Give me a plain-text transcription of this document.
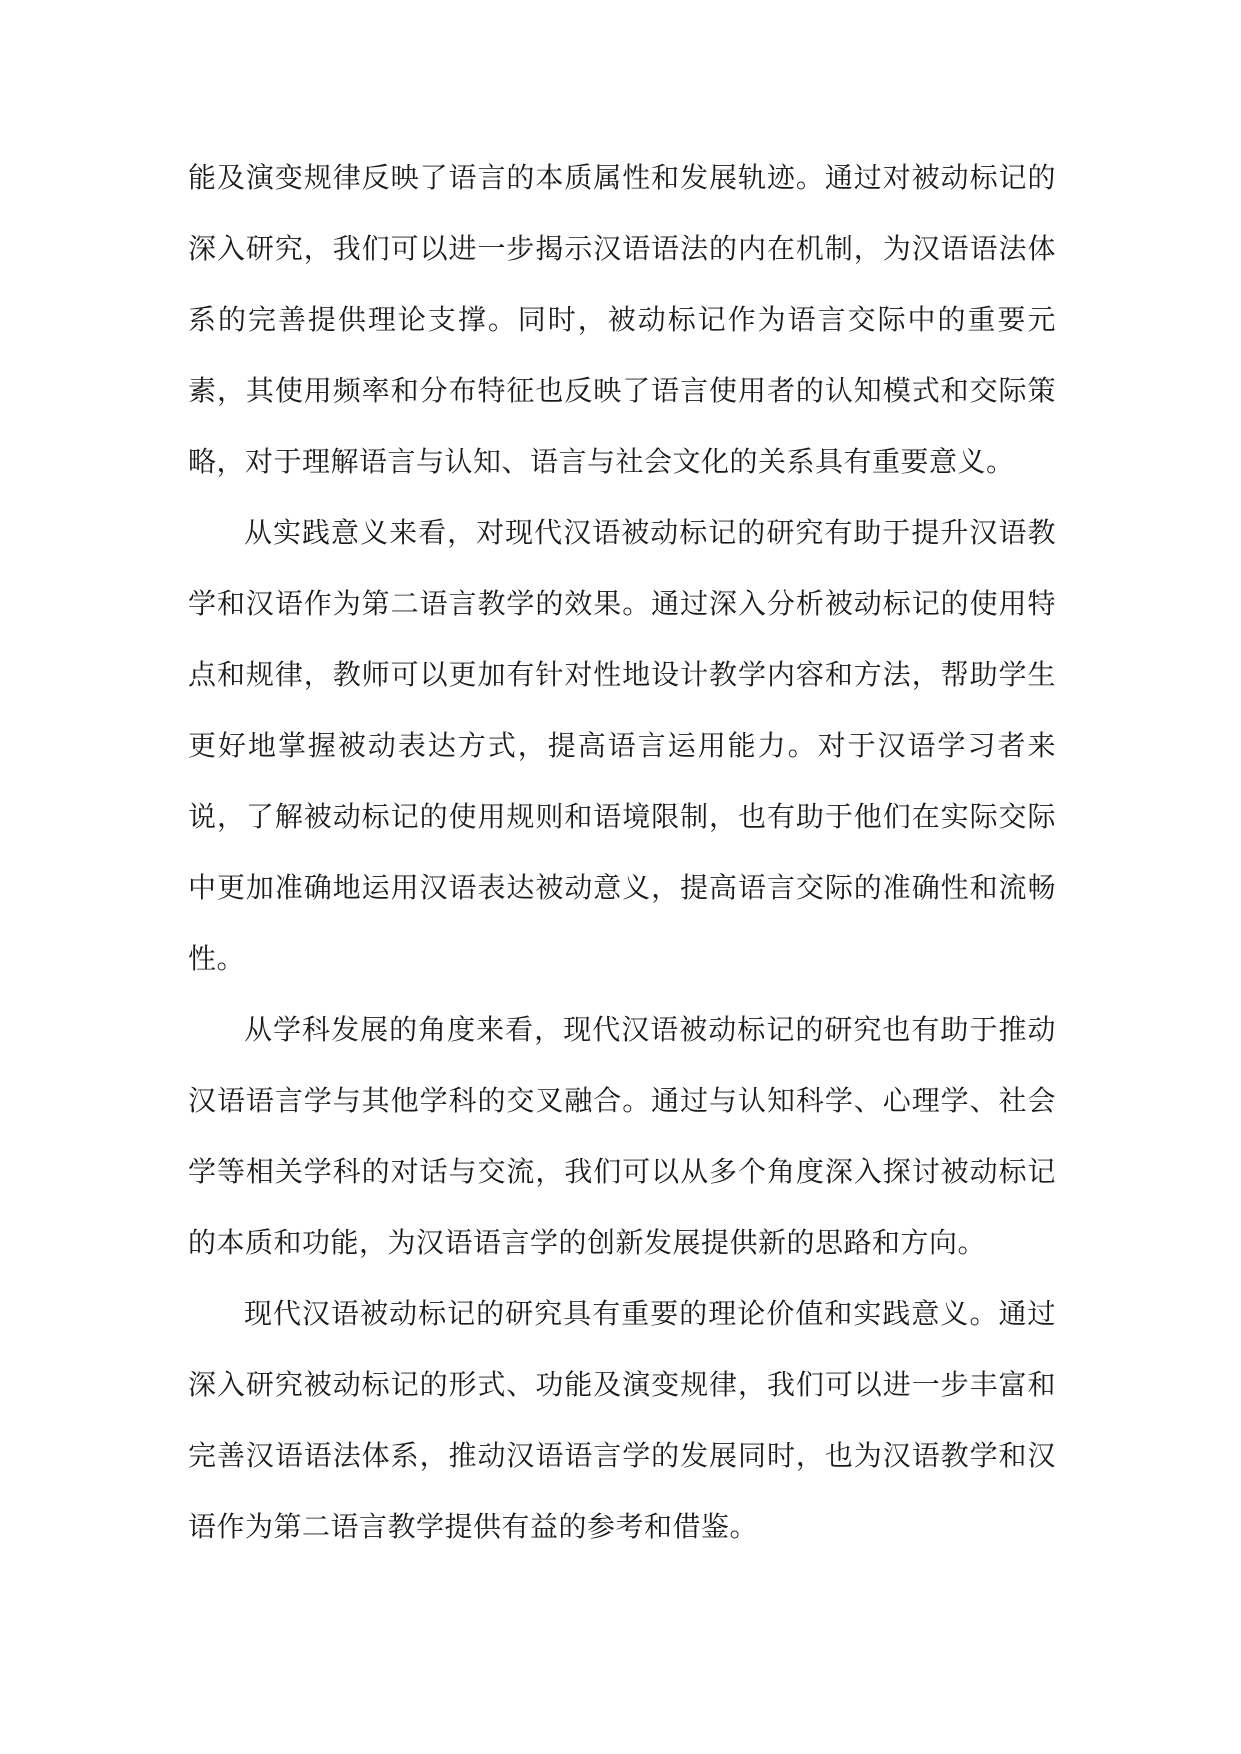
能及演变规律反映了语言的本质属性和发展轨迹。通过对被动标记的深入研究，我们可以进一步揭示汉语语法的内在机制，为汉语语法体系的完善提供理论支撑。同时，被动标记作为语言交际中的重要元素，其使用频率和分布特征也反映了语言使用者的认知模式和交际策略，对于理解语言与认知、语言与社会文化的关系具有重要意义。

从实践意义来看，对现代汉语被动标记的研究有助于提升汉语教学和汉语作为第二语言教学的效果。通过深入分析被动标记的使用特点和规律，教师可以更加有针对性地设计教学内容和方法，帮助学生更好地掌握被动表达方式，提高语言运用能力。对于汉语学习者来说，了解被动标记的使用规则和语境限制，也有助于他们在实际交际中更加准确地运用汉语表达被动意义，提高语言交际的准确性和流畅性。

从学科发展的角度来看，现代汉语被动标记的研究也有助于推动汉语语言学与其他学科的交叉融合。通过与认知科学、心理学、社会学等相关学科的对话与交流，我们可以从多个角度深入探讨被动标记的本质和功能，为汉语语言学的创新发展提供新的思路和方向。

现代汉语被动标记的研究具有重要的理论价值和实践意义。通过深入研究被动标记的形式、功能及演变规律，我们可以进一步丰富和完善汉语语法体系，推动汉语语言学的发展同时，也为汉语教学和汉语作为第二语言教学提供有益的参考和借鉴。
